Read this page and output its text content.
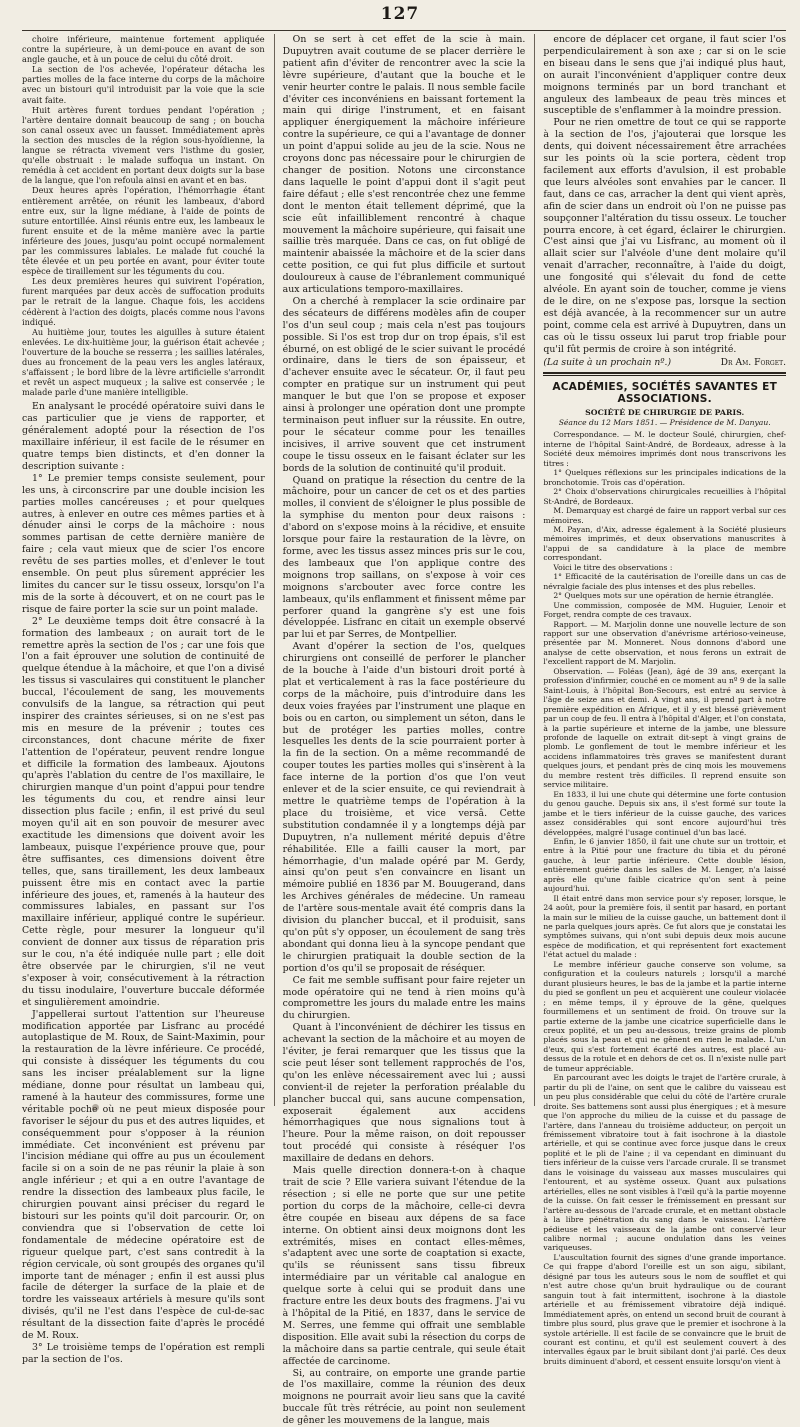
127

choire inférieure, maintenue fortement appliquée contre la supérieure, à un demi-pouce en avant de son angle gauche, et à un pouce de celui du côté droit.

La section de l'os achevée, l'opérateur détacha les parties molles de la face interne du corps de la mâchoire avec un bistouri qu'il introduisit par la voie que la scie avait faite.

Huit artères furent tordues pendant l'opération ; l'artère dentaire donnait beaucoup de sang ; on boucha son canal osseux avec un fausset. Immédiatement après la section des muscles de la région sous-hyoïdienne, la langue se rétracta vivement vers l'isthme du gosier, qu'elle obstruait : le malade suffoqua un instant. On remédia à cet accident en portant deux doigts sur la base de la langue, que l'on refoula ainsi en avant et en bas.

Deux heures après l'opération, l'hémorrhagie étant entièrement arrêtée, on réunit les lambeaux, d'abord entre eux, sur la ligne médiane, à l'aide de points de suture entortillée. Ainsi réunis entre eux, les lambeaux le furent ensuite et de la même manière avec la partie inférieure des joues, jusqu'au point occupé normalement par les commissures labiales. Le malade fut couché la tête élevée et un peu portée en avant, pour éviter toute espèce de tiraillement sur les téguments du cou.

Les deux premières heures qui suivirent l'opération, furent marquées par deux accès de suffocation produits par le retrait de la langue. Chaque fois, les accidens cédèrent à l'action des doigts, placés comme nous l'avons indiqué.

Au huitième jour, toutes les aiguilles à suture étaient enlevées. Le dix-huitième jour, la guérison était achevée ; l'ouverture de la bouche se resserra ; les saillies latérales, dues au froncement de la peau vers les angles latéraux, s'affaissent ; le bord libre de la lèvre artificielle s'arrondit et revêt un aspect muqueux ; la salive est conservée ; le malade parle d'une manière intelligible.

En analysant le procédé opératoire suivi dans le cas particulier que je viens de rapporter, et généralement adopté pour la résection de l'os maxillaire inférieur, il est facile de le résumer en quatre temps bien distincts, et d'en donner la description suivante :

1° Le premier temps consiste seulement, pour les uns, à circonscrire par une double incision les parties molles cancéreuses ; et pour quelques autres, à enlever en outre ces mêmes parties et à dénuder ainsi le corps de la mâchoire : nous sommes partisan de cette dernière manière de faire ; cela vaut mieux que de scier l'os encore revêtu de ses parties molles, et d'enlever le tout ensemble. On peut plus sûrement apprécier les limites du cancer sur le tissu osseux, lorsqu'on l'a mis de la sorte à découvert, et on ne court pas le risque de faire porter la scie sur un point malade.

2° Le deuxième temps doit être consacré à la formation des lambeaux ; on aurait tort de le remettre après la section de l'os ; car une fois que l'on a fait éprouver une solution de continuité de quelque étendue à la mâchoire, et que l'on a divisé les tissus si vasculaires qui constituent le plancher buccal, l'écoulement de sang, les mouvements convulsifs de la langue, sa rétraction qui peut inspirer des craintes sérieuses, si on ne s'est pas mis en mesure de la prévenir ; toutes ces circonstances, dont chacune mérite de fixer l'attention de l'opérateur, peuvent rendre longue et difficile la formation des lambeaux. Ajoutons qu'après l'ablation du centre de l'os maxillaire, le chirurgien manque d'un point d'appui pour tendre les téguments du cou, et rendre ainsi leur dissection plus facile ; enfin, il est privé du seul moyen qu'il ait en son pouvoir de mesurer avec exactitude les dimensions que doivent avoir les lambeaux, puisque l'expérience prouve que, pour être suffisantes, ces dimensions doivent être telles, que, sans tiraillement, les deux lambeaux puissent être mis en contact avec la partie inférieure des joues, et, ramenés à la hauteur des commissures labiales, en passant sur l'os maxillaire inférieur, appliqué contre le supérieur. Cette règle, pour mesurer la longueur qu'il convient de donner aux tissus de réparation pris sur le cou, n'a été indiquée nulle part ; elle doit être observée par le chirurgien, s'il ne veut s'exposer à voir, consécutivement à la rétraction du tissu inodulaire, l'ouverture buccale déformée et singulièrement amoindrie.

J'appellerai surtout l'attention sur l'heureuse modification apportée par Lisfranc au procédé autoplastique de M. Roux, de Saint-Maximin, pour la restauration de la lèvre inférieure. Ce procédé, qui consiste à disséquer les téguments du cou sans les inciser préalablement sur la ligne médiane, donne pour résultat un lambeau qui, ramené à la hauteur des commissures, forme une véritable poche où ne peut mieux disposée pour favoriser le séjour du pus et des autres liquides, et conséquemment pour s'opposer à la réunion immédiate. Cet inconvénient est prévenu par l'incision médiane qui offre au pus un écoulement facile si on a soin de ne pas réunir la plaie à son angle inférieur ; et qui a en outre l'avantage de rendre la dissection des lambeaux plus facile, le chirurgien pouvant ainsi préciser du regard le bistouri sur les points qu'il doit parcourir. Or, on conviendra que si l'observation de cette loi fondamentale de médecine opératoire est de rigueur quelque part, c'est sans contredit à la région cervicale, où sont groupés des organes qu'il importe tant de ménager ; enfin il est aussi plus facile de déterger la surface de la plaie et de tordre les vaisseaux artériels à mesure qu'ils sont divisés, qu'il ne l'est dans l'espèce de cul-de-sac résultant de la dissection faite d'après le procédé de M. Roux.

3° Le troisième temps de l'opération est rempli par la section de l'os.

On se sert à cet effet de la scie à main. Dupuytren avait coutume de se placer derrière le patient afin d'éviter de rencontrer avec la scie la lèvre supérieure, d'autant que la bouche et le venir heurter contre le palais. Il nous semble facile d'éviter ces inconvéniens en baissant fortement la main qui dirige l'instrument, et en faisant appliquer énergiquement la mâchoire inférieure contre la supérieure, ce qui a l'avantage de donner un point d'appui solide au jeu de la scie. Nous ne croyons donc pas nécessaire pour le chirurgien de changer de position. Notons une circonstance dans laquelle le point d'appui dont il s'agit peut faire défaut ; elle s'est rencontrée chez une femme dont le menton était tellement déprimé, que la scie eût infailliblement rencontré à chaque mouvement la mâchoire supérieure, qui faisait une saillie très marquée. Dans ce cas, on fut obligé de maintenir abaissée la mâchoire et de la scier dans cette position, ce qui fut plus difficile et surtout douloureux à cause de l'ébranlement communiqué aux articulations temporo-maxillaires.

On a cherché à remplacer la scie ordinaire par des sécateurs de différens modèles afin de couper l'os d'un seul coup ; mais cela n'est pas toujours possible. Si l'os est trop dur on trop épais, s'il est éburné, on est obligé de le scier suivant le procédé ordinaire, dans le tiers de son épaisseur, et d'achever ensuite avec le sécateur. Or, il faut peu compter en pratique sur un instrument qui peut manquer le but que l'on se propose et exposer ainsi à prolonger une opération dont une prompte terminaison peut influer sur la réussite. En outre, pour le sécateur comme pour les tenailles incisives, il arrive souvent que cet instrument coupe le tissu osseux en le faisant éclater sur les bords de la solution de continuité qu'il produit.

Quand on pratique la résection du centre de la mâchoire, pour un cancer de cet os et des parties molles, il convient de s'éloigner le plus possible de la symphise du menton pour deux raisons : d'abord on s'expose moins à la récidive, et ensuite lorsque pour faire la restauration de la lèvre, on forme, avec les tissus assez minces pris sur le cou, des lambeaux que l'on applique contre des moignons trop saillans, on s'expose à voir ces moignons s'arcbouter avec force contre les lambeaux, qu'ils enflamment et finissent même par perforer quand la gangrène s'y est une fois développée. Lisfranc en citait un exemple observé par lui et par Serres, de Montpellier.

Avant d'opérer la section de l'os, quelques chirurgiens ont conseillé de perforer le plancher de la bouche à l'aide d'un bistouri droit porté à plat et verticalement à ras la face postérieure du corps de la mâchoire, puis d'introduire dans les deux voies frayées par l'instrument une plaque en bois ou en carton, ou simplement un séton, dans le but de protéger les parties molles, contre lesquelles les dents de la scie pourraient porter à la fin de la section. On a même recommandé de couper toutes les parties molles qui s'insèrent à la face interne de la portion d'os que l'on veut enlever et de la scier ensuite, ce qui reviendrait à mettre le quatrième temps de l'opération à la place du troisième, et vice versâ. Cette substitution condamnée il y a longtemps déjà par Dupuytren, n'a nullement mérité depuis d'être réhabilitée. Elle a failli causer la mort, par hémorrhagie, d'un malade opéré par M. Gerdy, ainsi qu'on peut s'en convaincre en lisant un mémoire publié en 1836 par M. Bouugerand, dans les Archives générales de médecine. Un rameau de l'artère sous-mentale avait été compris dans la division du plancher buccal, et il produisit, sans qu'on pût s'y opposer, un écoulement de sang très abondant qui donna lieu à la syncope pendant que le chirurgien pratiquait la double section de la portion d'os qu'il se proposait de réséquer.

Ce fait me semble suffisant pour faire rejeter un mode opératoire qui ne tend à rien moins qu'à compromettre les jours du malade entre les mains du chirurgien.

Quant à l'inconvénient de déchirer les tissus en achevant la section de la mâchoire et au moyen de l'éviter, je ferai remarquer que les tissus que la scie peut léser sont tellement rapprochés de l'os, qu'on les enlève nécessairement avec lui ; aussi convient-il de rejeter la perforation préalable du plancher buccal qui, sans aucune compensation, exposerait également aux accidens hémorrhagiques que nous signalions tout à l'heure. Pour la même raison, on doit repousser tout procédé qui consiste à réséquer l'os maxillaire de dedans en dehors.

Mais quelle direction donnera-t-on à chaque trait de scie ? Elle variera suivant l'étendue de la résection ; si elle ne porte que sur une petite portion du corps de la mâchoire, celle-ci devra être coupée en biseau aux dépens de sa face interne. On obtient ainsi deux moignons dont les extrémités, mises en contact elles-mêmes, s'adaptent avec une sorte de coaptation si exacte, qu'ils se réunissent sans tissu fibreux intermédiaire par un véritable cal analogue en quelque sorte à celui qui se produit dans une fracture entre les deux bouts des fragmens. J'ai vu à l'hôpital de la Pitié, en 1837, dans le service de M. Serres, une femme qui offrait une semblable disposition. Elle avait subi la résection du corps de la mâchoire dans sa partie centrale, qui seule était affectée de carcinome.

Si, au contraire, on emporte une grande partie de l'os maxillaire, comme la réunion des deux moignons ne pourrait avoir lieu sans que la cavité buccale fût très rétrécie, au point non seulement de gêner les mouvemens de la langue, mais

encore de déplacer cet organe, il faut scier l'os perpendiculairement à son axe ; car si on le scie en biseau dans le sens que j'ai indiqué plus haut, on aurait l'inconvénient d'appliquer contre deux moignons terminés par un bord tranchant et anguleux des lambeaux de peau très minces et susceptible de s'enflammer à la moindre pression.

Pour ne rien omettre de tout ce qui se rapporte à la section de l'os, j'ajouterai que lorsque les dents, qui doivent nécessairement être arrachées sur les points où la scie portera, cèdent trop facilement aux efforts d'avulsion, il est probable que leurs alvéoles sont envahies par le cancer. Il faut, dans ce cas, arracher la dent qui vient après, afin de scier dans un endroit où l'on ne puisse pas soupçonner l'altération du tissu osseux. Le toucher pourra encore, à cet égard, éclairer le chirurgien. C'est ainsi que j'ai vu Lisfranc, au moment où il allait scier sur l'alvéole d'une dent molaire qu'il venait d'arracher, reconnaître, à l'aide du doigt, une fongosité qui s'élevait du fond de cette alvéole. En ayant soin de toucher, comme je viens de le dire, on ne s'expose pas, lorsque la section est déjà avancée, à la recommencer sur un autre point, comme cela est arrivé à Dupuytren, dans un cas où le tissu osseux lui parut trop friable pour qu'il fût permis de croire à son intégrité.

(La suite à un prochain nº.)	Dr Am. Forget.
ACADÉMIES, SOCIÉTÉS SAVANTES ET ASSOCIATIONS.
SOCIÉTÉ DE CHIRURGIE DE PARIS.
Séance du 12 Mars 1851. — Présidence de M. Danyau.

Correspondance. — M. le docteur Soulé, chirurgien, chef-interne de l'hôpital Saint-André, de Bordeaux, adresse à la Société deux mémoires imprimés dont nous transcrivons les titres :

1° Quelques réflexions sur les principales indications de la bronchotomie. Trois cas d'opération.

2° Choix d'observations chirurgicales recueillies à l'hôpital St-André, de Bordeaux.

M. Demarquay est chargé de faire un rapport verbal sur ces mémoires.

M. Payan, d'Aix, adresse également à la Société plusieurs mémoires imprimés, et deux observations manuscrites à l'appui de sa candidature à la place de membre correspondant.

Voici le titre des observations :

1° Efficacité de la cautérisation de l'oreille dans un cas de névralgie faciale des plus intenses et des plus rebelles.

2° Quelques mots sur une opération de hernie étranglée.

Une commission, composée de MM. Huguier, Lenoir et Forget, rendra compte de ces travaux.

Rapport. — M. Marjolin donne une nouvelle lecture de son rapport sur une observation d'anévrisme artérioso-veineuse, présentée par M. Monneret. Nous donnons d'abord une analyse de cette observation, et nous ferons un extrait de l'excellent rapport de M. Marjolin.

Observation. — Foléas (Jean), âgé de 39 ans, exerçant la profession d'infirmier, couché en ce moment au nº 9 de la salle Saint-Louis, à l'hôpital Bon-Secours, est entré au service à l'âge de seize ans et demi. A vingt ans, il prend part à notre première expédition en Afrique, et il y est blessé grièvement par un coup de feu. Il entra à l'hôpital d'Alger, et l'on constata, à la partie supérieure et interne de la jambe, une blessure profonde de laquelle on extrait dit-sept à vingt grains de plomb. Le gonflement de tout le membre inférieur et les accidens inflammatoires très graves se manifestent durant quelques jours, et pendant près de cinq mois les mouvemens du membre restent très difficiles. Il reprend ensuite son service militaire.

En 1833, il lui une chute qui détermine une forte contusion du genou gauche. Depuis six ans, il s'est formé sur toute la jambe et le tiers inférieur de la cuisse gauche, des varices assez considérables qui sont encore aujourd'hui très développées, malgré l'usage continuel d'un bas lacé.

Enfin, le 6 janvier 1850, il fait une chute sur un trottoir, et entre à la Pitié pour une fracture du tibia et du péroné gauche, à leur partie inférieure. Cette double lésion, entièrement guérie dans les salles de M. Lenger, n'a laissé après elle qu'une faible cicatrice qu'on sent à peine aujourd'hui.

Il était entré dans mon service pour s'y reposer, lorsque, le 24 août, pour la première fois, il sentit par hasard, en portant la main sur le milieu de la cuisse gauche, un battement dont il ne parla quelques jours après. Ce fut alors que je constatai les symptômes suivans, qui n'ont subi depuis deux mois aucune espèce de modification, et qui représentent fort exactement l'état actuel du malade :

Le membre inférieur gauche conserve son volume, sa configuration et la couleurs naturels ; lorsqu'il a marché durant plusieurs heures, le bas de la jambe et la partie interne du pied se gonflent un peu et acquièrent une couleur violacée ; en même temps, il y éprouve de la gêne, quelques fourmillemens et un sentiment de froid. On trouve sur la partie externe de la jambe une cicatrice superficielle dans le creux poplité, et un peu au-dessous, treize grains de plomb placés sous la peau et qui ne gênent en rien le malade. L'un d'eux, qui s'est fortement écarté des autres, est placé au-dessus de la rotule et en dehors de cet os. Il n'existe nulle part de tumeur appréciable.

En parcourant avec les doigts le trajet de l'artère crurale, à partir du pli de l'aine, on sent que le calibre du vaisseau est un peu plus considérable que celui du côté de l'artère crurale droite. Ses battemens sont aussi plus énergiques ; et à mesure que l'on approche du milieu de la cuisse et du passage de l'artère, dans l'anneau du troisième adducteur, on perçoit un frémissement vibratoire tout à fait isochrone à la diastole artérielle, et qui se continue avec force jusque dans le creux poplité et le pli de l'aine ; il va cependant en diminuant du tiers inférieur de la cuisse vers l'arcade crurale. Il se transmet dans le voisinage du vaisseau aux masses musculaires qui l'entourent, et au système osseux. Quant aux pulsations artérielles, elles ne sont visibles à l'œil qu'à la partie moyenne de la cuisse. On fait cesser le frémissement en pressant sur l'artère au-dessous de l'arcade crurale, et en mettant obstacle à la libre pénétration du sang dans le vaisseau. L'artère pédieuse et les vaisseaux de la jambe ont conservé leur calibre normal ; aucune ondulation dans les veines variqueuses.

L'auscultation fournit des signes d'une grande importance. Ce qui frappe d'abord l'oreille est un son aigu, sibilant, désigné par tous les auteurs sous le nom de soufflet et qui n'est autre chose qu'un bruit hydraulique ou de courant sanguin tout à fait intermittent, isochrone à la diastole artérielle et au frémissement vibratoire déjà indiqué. Immédiatement après, on entend un second bruit de courant à timbre plus sourd, plus grave que le premier et isochrone à la systole artérielle. Il est facile de se convaincre que le bruit de courant est continu, et qu'il est seulement couvert à des intervalles égaux par le bruit sibilant dont j'ai parlé. Ces deux bruits diminuent d'abord, et cessent ensuite lorsqu'on vient à
